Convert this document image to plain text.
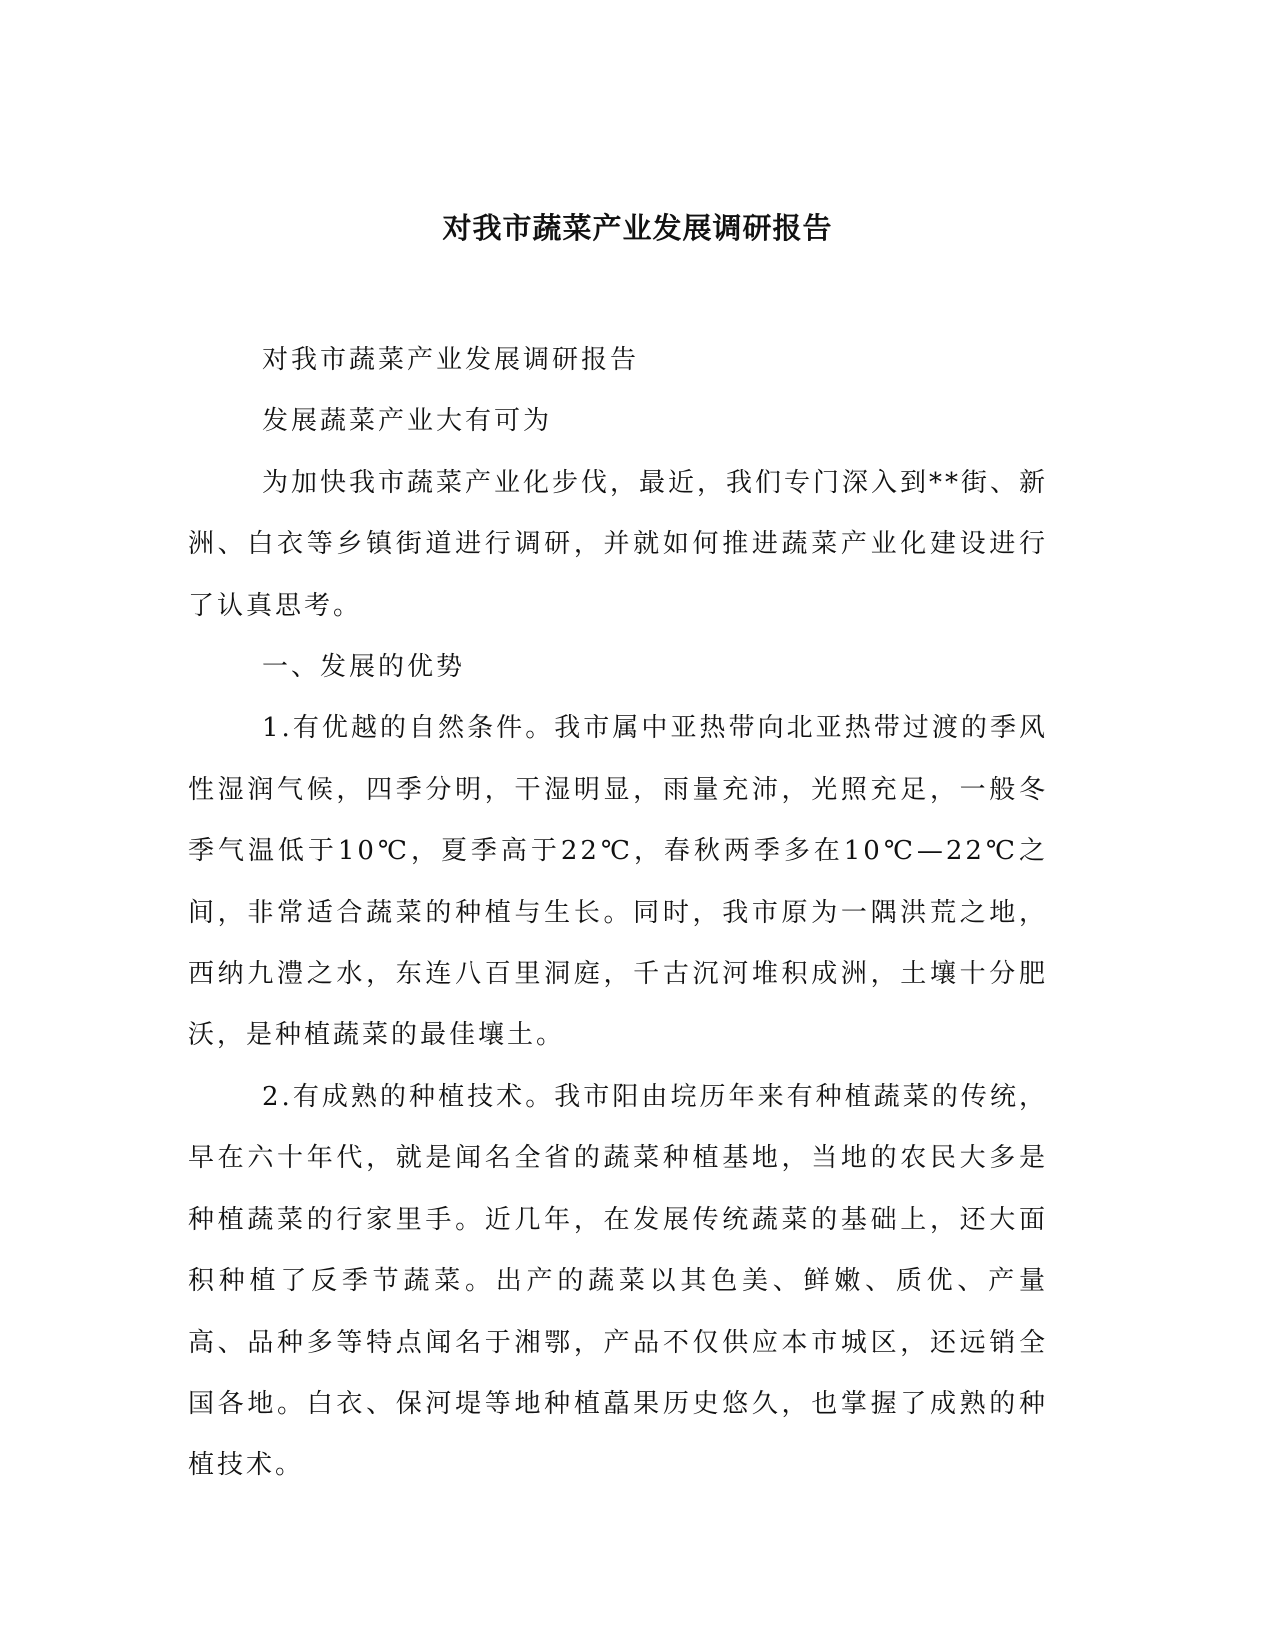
对我市蔬菜产业发展调研报告

对我市蔬菜产业发展调研报告

发展蔬菜产业大有可为

为加快我市蔬菜产业化步伐，最近，我们专门深入到**街、新洲、白衣等乡镇街道进行调研，并就如何推进蔬菜产业化建设进行了认真思考。

一、发展的优势

1.有优越的自然条件。我市属中亚热带向北亚热带过渡的季风性湿润气候，四季分明，干湿明显，雨量充沛，光照充足，一般冬季气温低于10℃，夏季高于22℃，春秋两季多在10℃—22℃之间，非常适合蔬菜的种植与生长。同时，我市原为一隅洪荒之地，西纳九澧之水，东连八百里洞庭，千古沉河堆积成洲，土壤十分肥沃，是种植蔬菜的最佳壤土。

2.有成熟的种植技术。我市阳由垸历年来有种植蔬菜的传统，早在六十年代，就是闻名全省的蔬菜种植基地，当地的农民大多是种植蔬菜的行家里手。近几年，在发展传统蔬菜的基础上，还大面积种植了反季节蔬菜。出产的蔬菜以其色美、鲜嫩、质优、产量高、品种多等特点闻名于湘鄂，产品不仅供应本市城区，还远销全国各地。白衣、保河堤等地种植藠果历史悠久，也掌握了成熟的种植技术。
